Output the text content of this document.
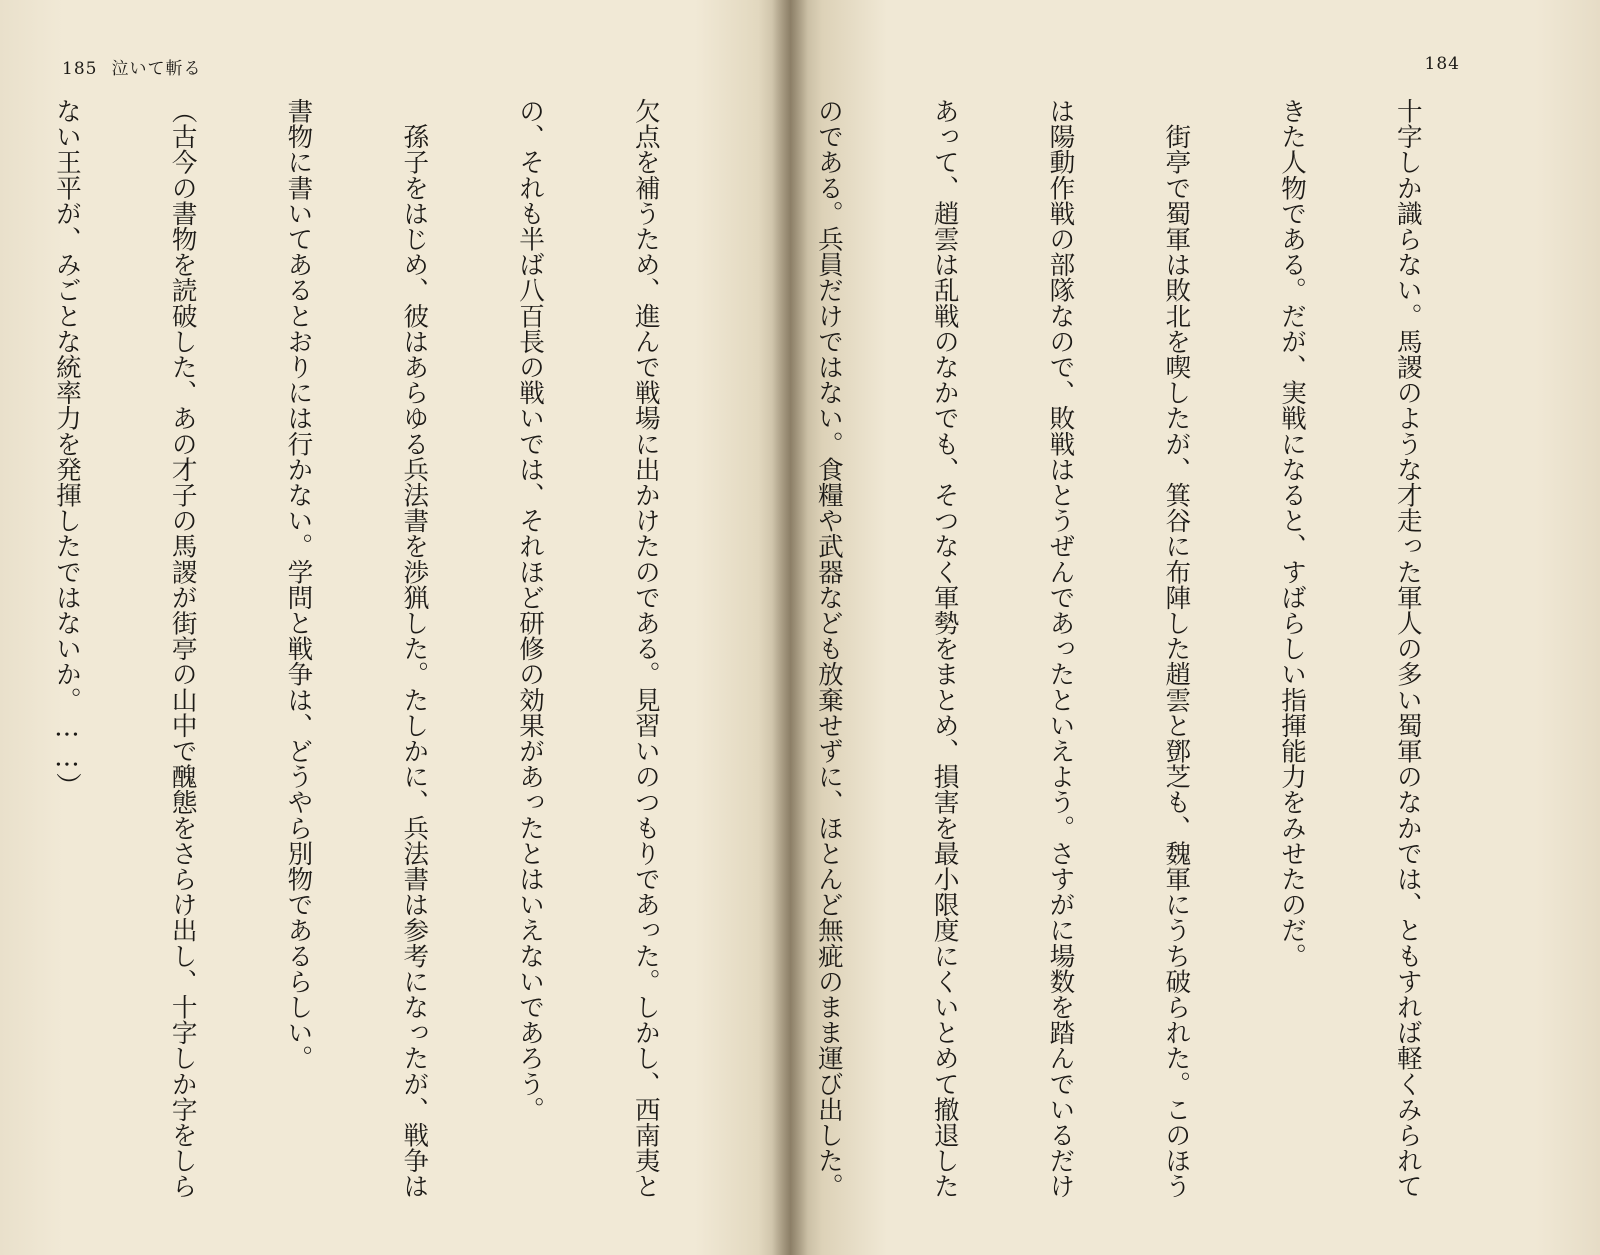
185 泣いて斬る

欠点を補うため、進んで戦場に出かけたのである。見習いのつもりであった。しかし、西南夷と

の、それも半ば八百長の戦いでは、それほど研修の効果があったとはいえないであろう。

　孫子をはじめ、彼はあらゆる兵法書を渉猟した。たしかに、兵法書は参考になったが、戦争は

書物に書いてあるとおりには行かない。学問と戦争は、どうやら別物であるらしい。

（古今の書物を読破した、あの才子の馬謖が街亭の山中で醜態をさらけ出し、十字しか字をしら

ない王平が、みごとな統率力を発揮したではないか。……）

184

十字しか識らない。馬謖のような才走った軍人の多い蜀軍のなかでは、ともすれば軽くみられて

きた人物である。だが、実戦になると、すばらしい指揮能力をみせたのだ。

　街亭で蜀軍は敗北を喫したが、箕谷に布陣した趙雲と鄧芝も、魏軍にうち破られた。このほう

は陽動作戦の部隊なので、敗戦はとうぜんであったといえよう。さすがに場数を踏んでいるだけ

あって、趙雲は乱戦のなかでも、そつなく軍勢をまとめ、損害を最小限度にくいとめて撤退した

のである。兵員だけではない。食糧や武器なども放棄せずに、ほとんど無疵のまま運び出した。
